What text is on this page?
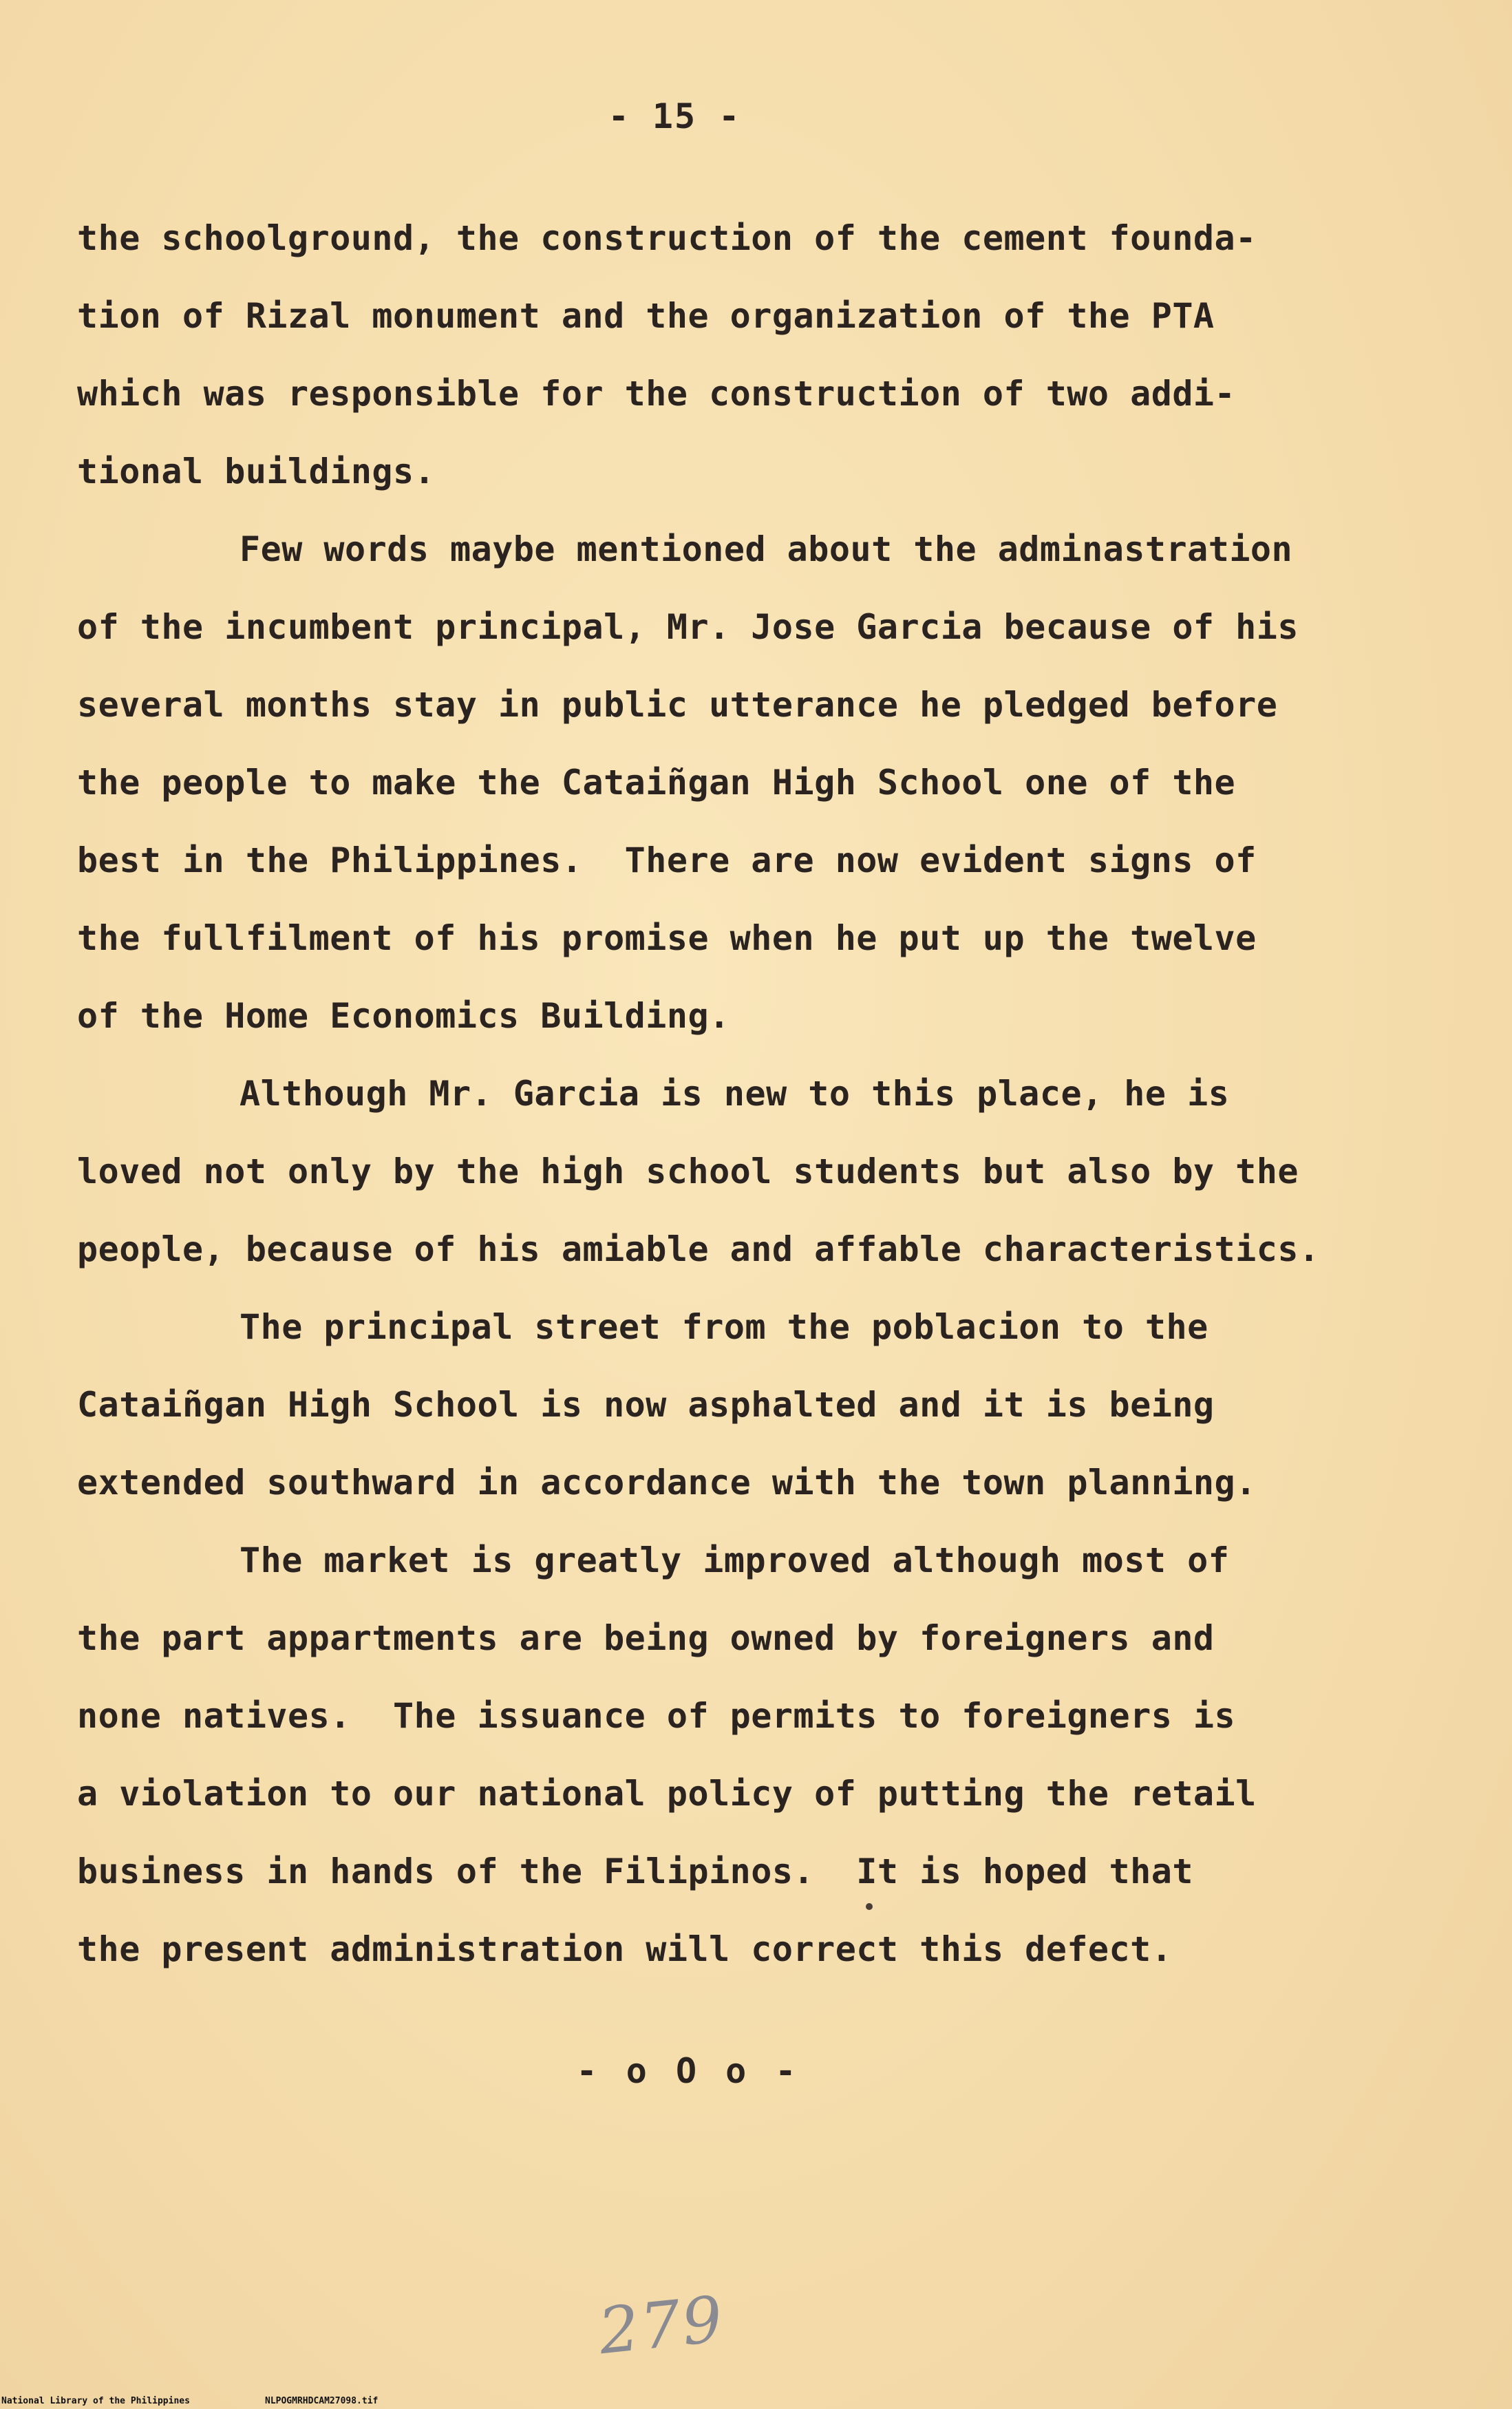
- 15 -

the schoolground, the construction of the cement founda-

tion of Rizal monument and the organization of the PTA

which was responsible for the construction of two addi-

tional buildings.

Few words maybe mentioned about the adminastration

of the incumbent principal, Mr. Jose Garcia because of his

several months stay in public utterance he pledged before

the people to make the Cataiñgan High School one of the

best in the Philippines.  There are now evident signs of

the fullfilment of his promise when he put up the twelve

of the Home Economics Building.

Although Mr. Garcia is new to this place, he is

loved not only by the high school students but also by the

people, because of his amiable and affable characteristics.

The principal street from the poblacion to the

Cataiñgan High School is now asphalted and it is being

extended southward in accordance with the town planning.

The market is greatly improved although most of

the part appartments are being owned by foreigners and

none natives.  The issuance of permits to foreigners is

a violation to our national policy of putting the retail

business in hands of the Filipinos.  It is hoped that

the present administration will correct this defect.

- o O o -
279
National Library of the Philippines	NLPOGMRHDCAM27098.tif
